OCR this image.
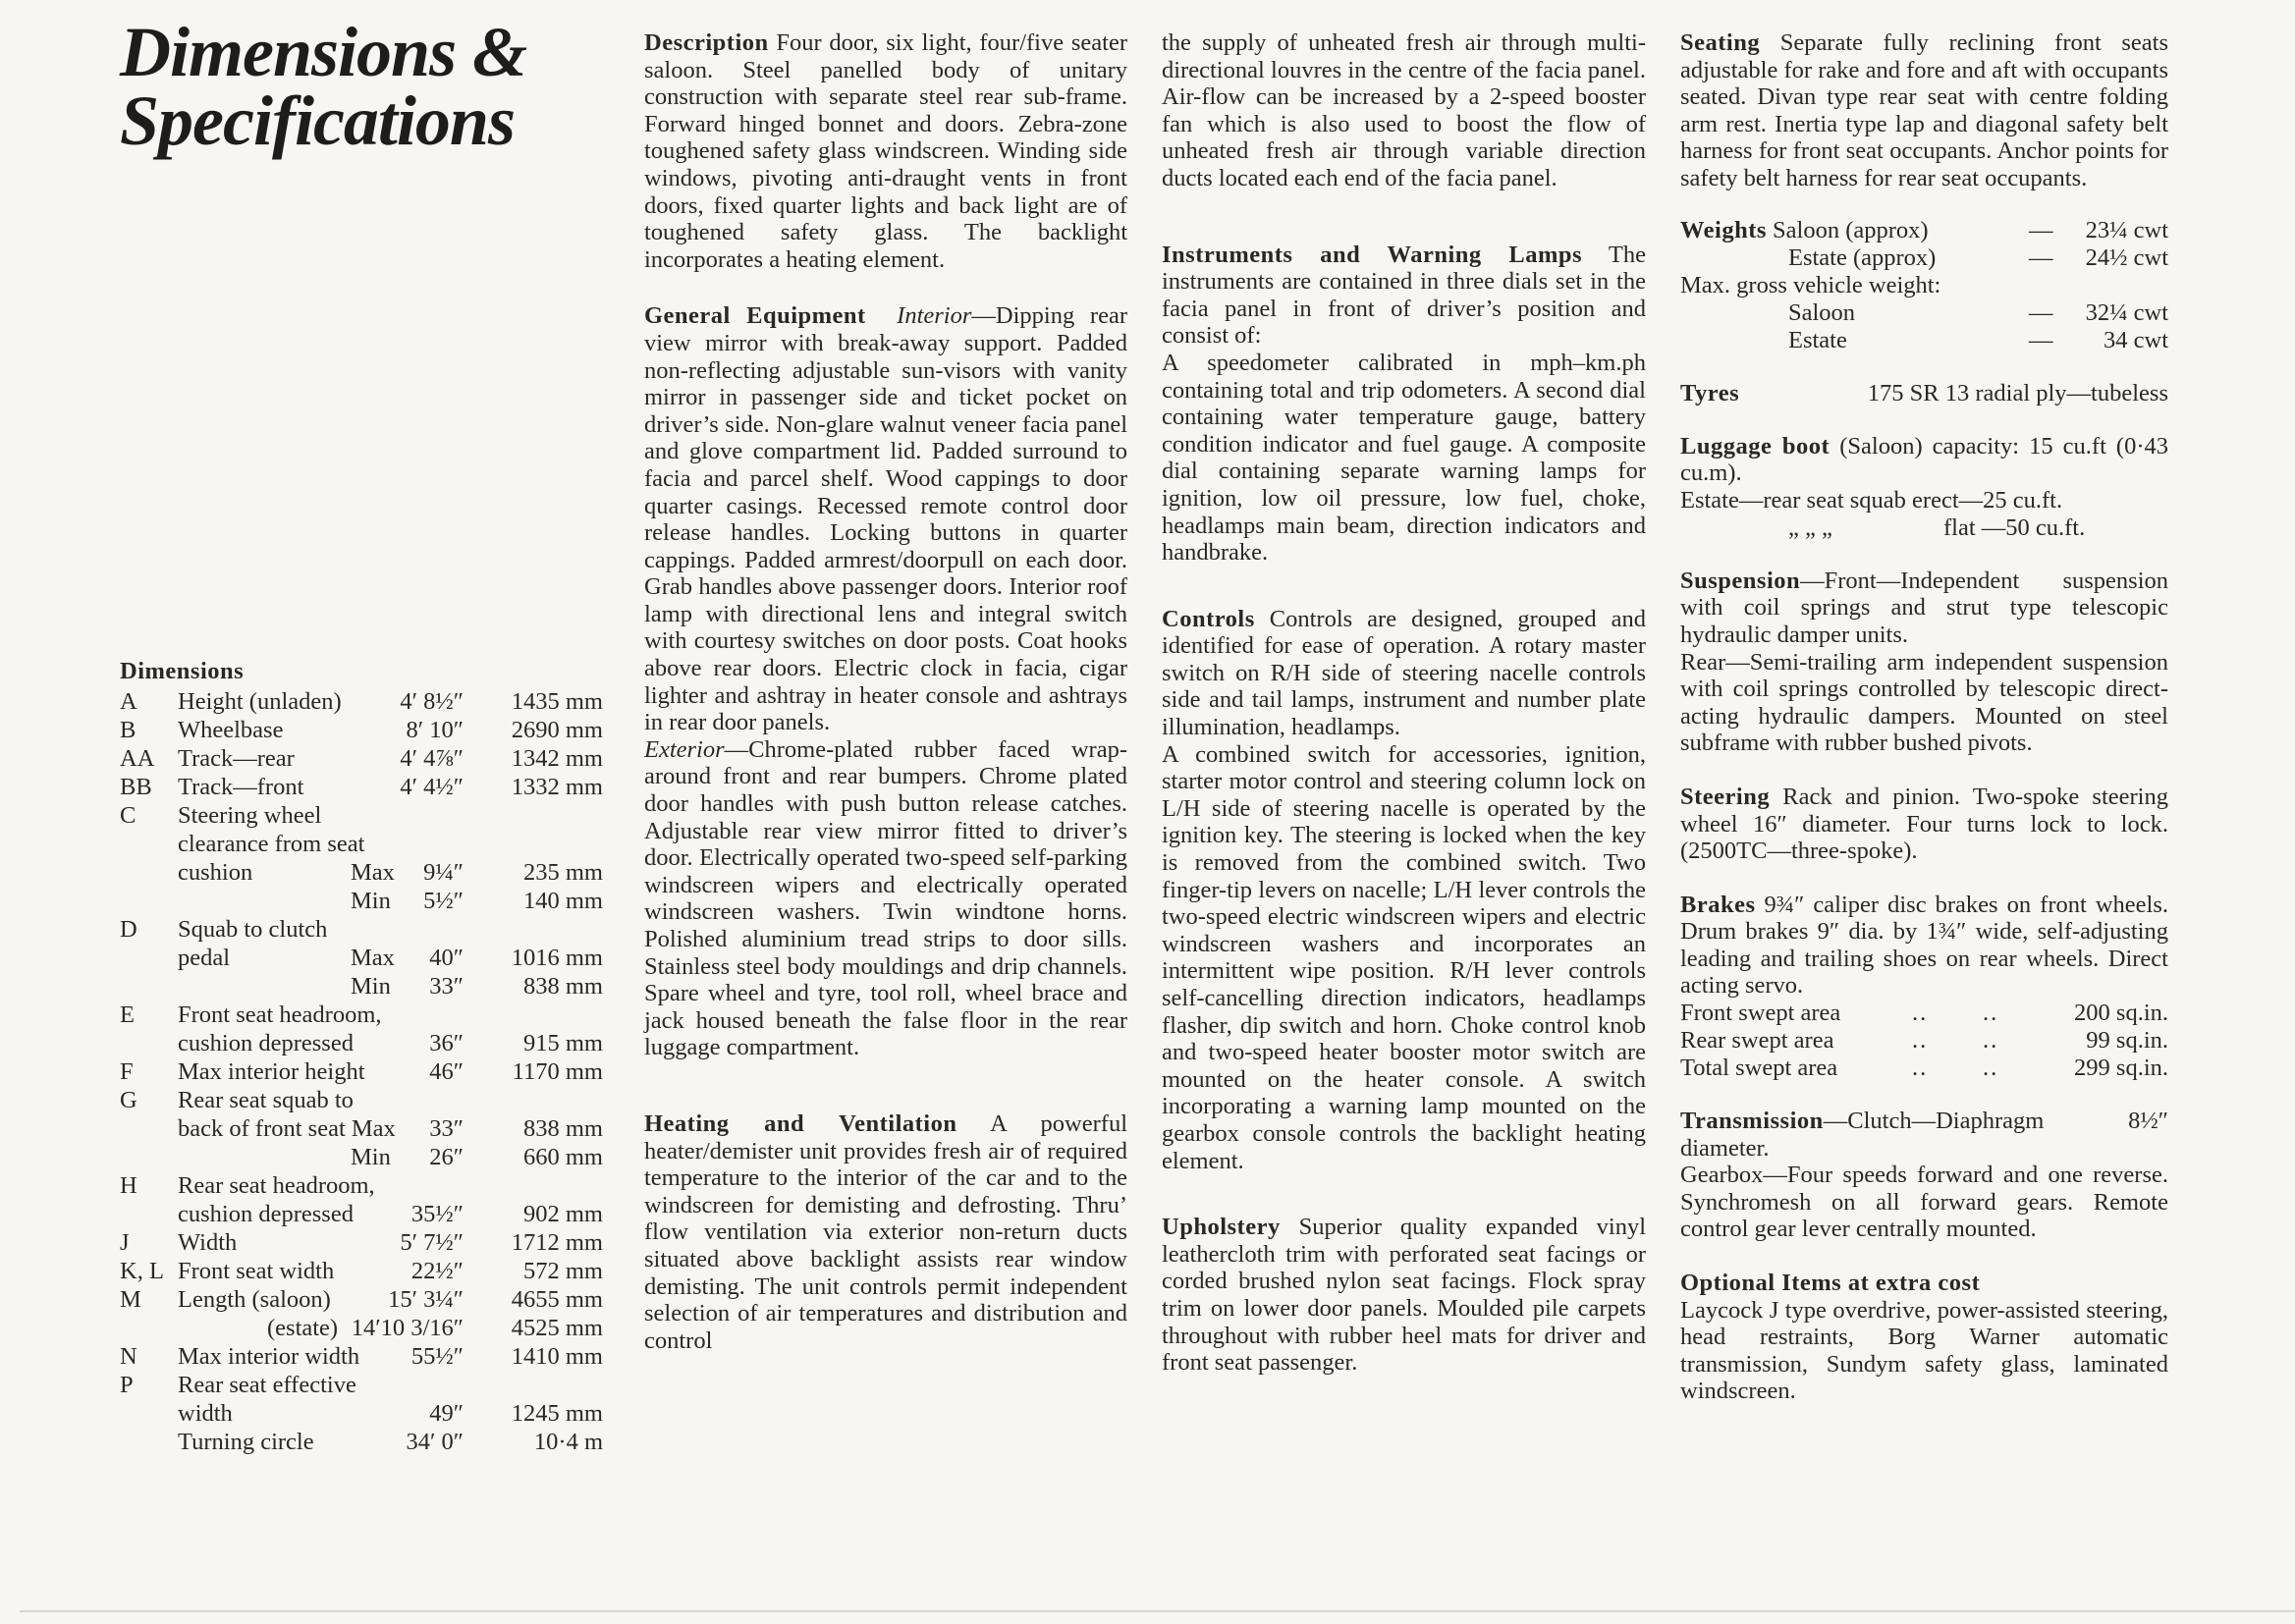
Dimensions &
Specifications
Dimensions
A Height (unladen) 4′ 8½″ 1435 mm
B Wheelbase	8′ 10″ 2690 mm
AA Track—rear	4′ 4⅞″ 1342 mm
BB Track—front	4′ 4½″ 1332 mm
C Steering wheel
clearance from seat
cushion	Max 9¼″ 235 mm
Min 5½″ 140 mm
D Squab to clutch
pedal	Max 40″ 1016 mm
Min 33″ 838 mm
E Front seat headroom,
cushion depressed	36″ 915 mm
F Max interior height	46″ 1170 mm
G Rear seat squab to
back of front seat Max 33″ 838 mm
Min 26″ 660 mm
H Rear seat headroom,
cushion depressed 35½″ 902 mm
J Width	5′ 7½″ 1712 mm
K, L Front seat width	22½″ 572 mm
M Length (saloon) 15′ 3¼″ 4655 mm
(estate) 14′10 3/16″ 4525 mm
N Max interior width 55½″ 1410 mm
P Rear seat effective
width	49″ 1245 mm
Turning circle	34′ 0″	10·4 m

Description Four door, six light, four/five seater saloon. Steel panelled body of unitary construction with separate steel rear sub-frame. Forward hinged bonnet and doors. Zebra-zone toughened safety glass windscreen. Winding side windows, pivoting anti-draught vents in front doors, fixed quarter lights and back light are of toughened safety glass. The backlight incorporates a heating element.

General Equipment Interior—Dipping rear view mirror with break-away support. Padded non-reflecting adjustable sun-visors with vanity mirror in passenger side and ticket pocket on driver’s side. Non-glare walnut veneer facia panel and glove compartment lid. Padded surround to facia and parcel shelf. Wood cappings to door quarter casings. Recessed remote control door release handles. Locking buttons in quarter cappings. Padded armrest/doorpull on each door. Grab handles above passenger doors. Interior roof lamp with directional lens and integral switch with courtesy switches on door posts. Coat hooks above rear doors. Electric clock in facia, cigar lighter and ashtray in heater console and ashtrays in rear door panels.
Exterior—Chrome-plated rubber faced wrap-around front and rear bumpers. Chrome plated door handles with push button release catches. Adjustable rear view mirror fitted to driver’s door. Electrically operated two-speed self-parking windscreen wipers and electrically operated windscreen washers. Twin windtone horns. Polished aluminium tread strips to door sills. Stainless steel body mouldings and drip channels. Spare wheel and tyre, tool roll, wheel brace and jack housed beneath the false floor in the rear luggage compartment.

Heating and Ventilation A powerful heater/demister unit provides fresh air of required temperature to the interior of the car and to the windscreen for demisting and defrosting. Thru’ flow ventilation via exterior non-return ducts situated above backlight assists rear window demisting. The unit controls permit independent selection of air temperatures and distribution and control

the supply of unheated fresh air through multi-directional louvres in the centre of the facia panel. Air-flow can be increased by a 2-speed booster fan which is also used to boost the flow of unheated fresh air through variable direction ducts located each end of the facia panel.

Instruments and Warning Lamps The instruments are contained in three dials set in the facia panel in front of driver’s position and consist of:

A speedometer calibrated in mph–km.ph containing total and trip odometers. A second dial containing water temperature gauge, battery condition indicator and fuel gauge. A composite dial containing separate warning lamps for ignition, low oil pressure, low fuel, choke, headlamps main beam, direction indicators and handbrake.

Controls Controls are designed, grouped and identified for ease of operation. A rotary master switch on R/H side of steering nacelle controls side and tail lamps, instrument and number plate illumination, headlamps.

A combined switch for accessories, ignition, starter motor control and steering column lock on L/H side of steering nacelle is operated by the ignition key. The steering is locked when the key is removed from the combined switch. Two finger-tip levers on nacelle; L/H lever controls the two-speed electric windscreen wipers and electric windscreen washers and incorporates an intermittent wipe position. R/H lever controls self-cancelling direction indicators, headlamps flasher, dip switch and horn. Choke control knob and two-speed heater booster motor switch are mounted on the heater console. A switch incorporating a warning lamp mounted on the gearbox console controls the backlight heating element.

Upholstery Superior quality expanded vinyl leathercloth trim with perforated seat facings or corded brushed nylon seat facings. Flock spray trim on lower door panels. Moulded pile carpets throughout with rubber heel mats for driver and front seat passenger.

Seating Separate fully reclining front seats adjustable for rake and fore and aft with occupants seated. Divan type rear seat with centre folding arm rest. Inertia type lap and diagonal safety belt harness for front seat occupants. Anchor points for safety belt harness for rear seat occupants.

Weights Saloon (approx)	— 23¼ cwt
Estate (approx)	— 24½ cwt
Max. gross vehicle weight:
Saloon	— 32¼ cwt
Estate	— 34 cwt
Tyres	175 SR 13 radial ply—tubeless

Luggage boot (Saloon) capacity: 15 cu.ft (0·43 cu.m).

Estate—rear seat squab erect—25 cu.ft.
„ „ „	flat —50 cu.ft.

Suspension—Front—Independent suspension with coil springs and strut type telescopic hydraulic damper units.

Rear—Semi-trailing arm independent suspension with coil springs controlled by telescopic direct-acting hydraulic dampers. Mounted on steel subframe with rubber bushed pivots.

Steering Rack and pinion. Two-spoke steering wheel 16″ diameter. Four turns lock to lock. (2500TC—three-spoke).

Brakes 9¾″ caliper disc brakes on front wheels. Drum brakes 9″ dia. by 1¾″ wide, self-adjusting leading and trailing shoes on rear wheels. Direct acting servo.

Front swept area	.. ..	200 sq.in.
Rear swept area	.. ..	99 sq.in.
Total swept area	.. ..	299 sq.in.

Transmission—Clutch—Diaphragm 8½″ diameter.

Gearbox—Four speeds forward and one reverse. Synchromesh on all forward gears. Remote control gear lever centrally mounted.

Optional Items at extra cost

Laycock J type overdrive, power-assisted steering, head restraints, Borg Warner automatic transmission, Sundym safety glass, laminated windscreen.
